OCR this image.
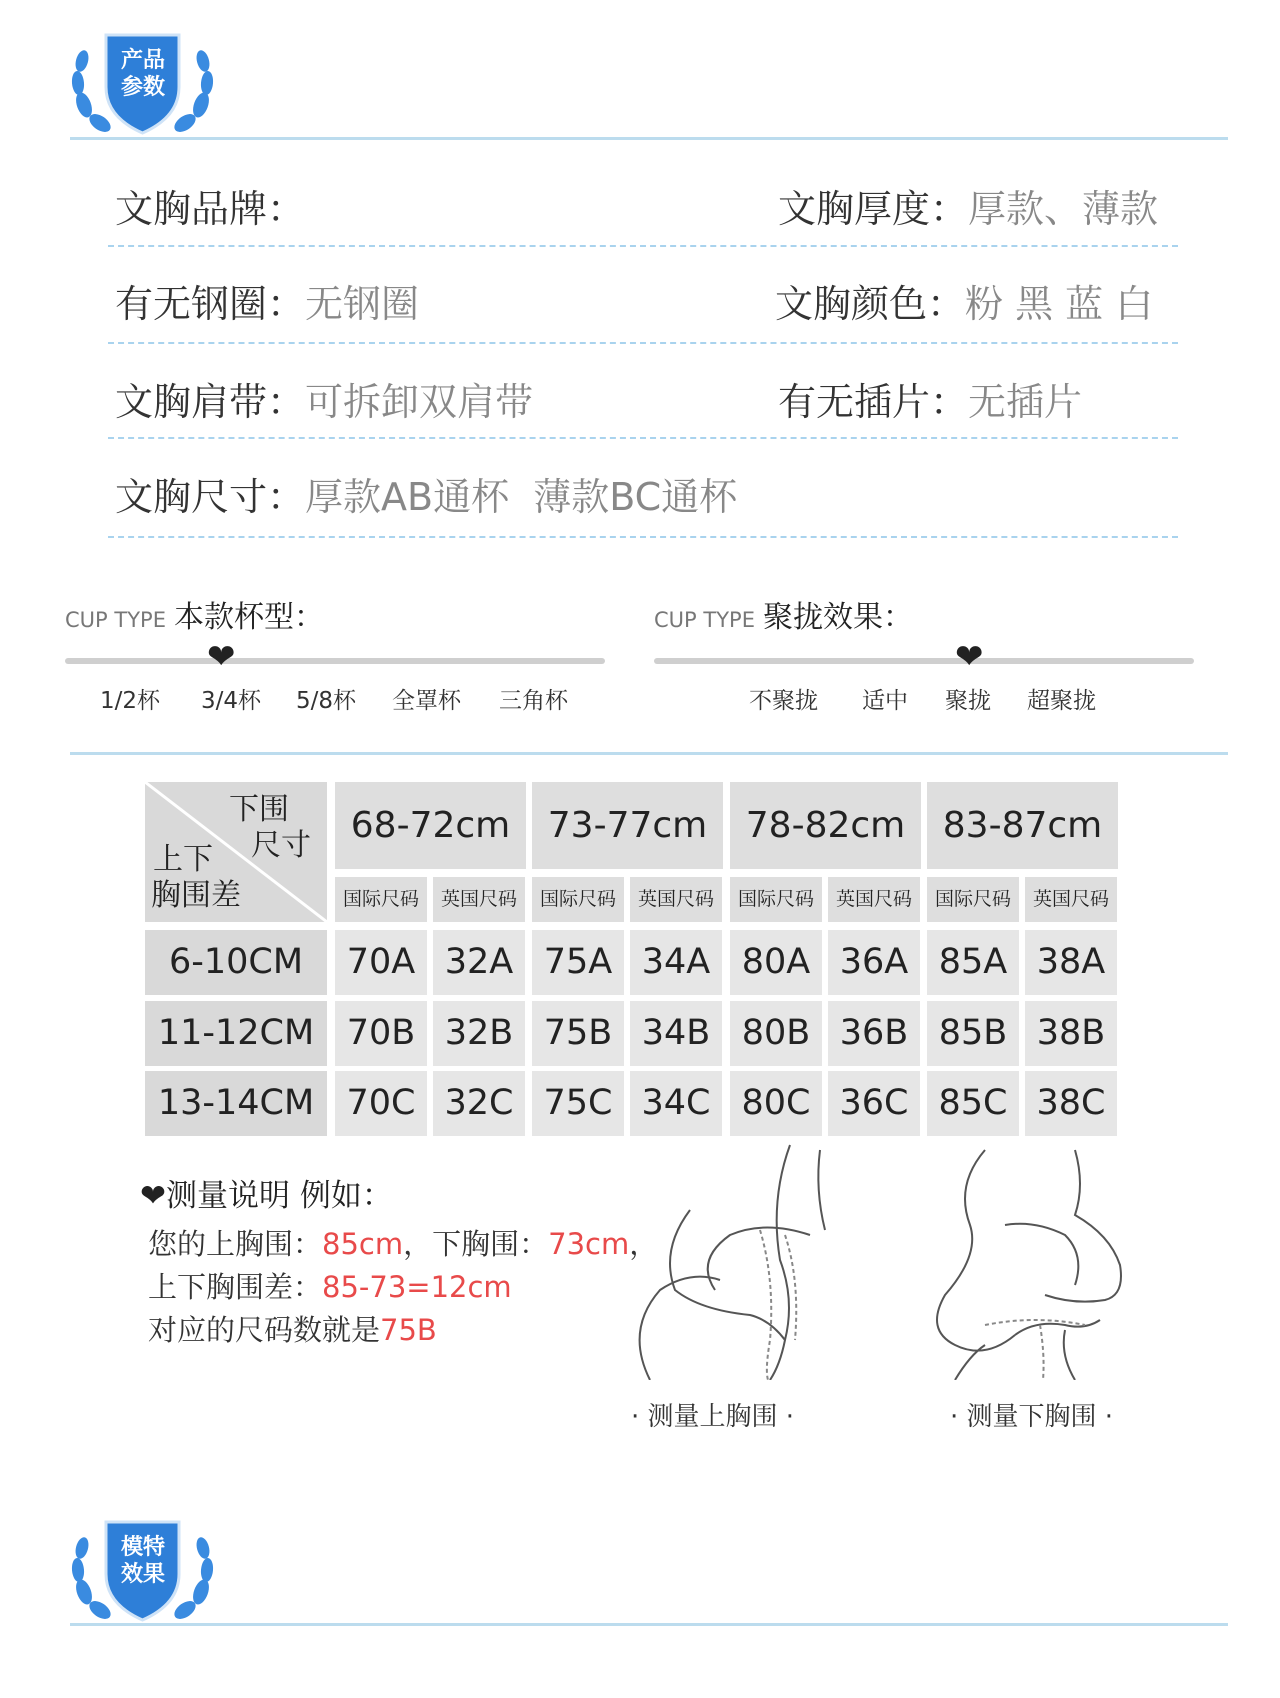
产品
参数
文胸品牌：	文胸厚度：厚款、薄款
有无钢圈：无钢圈	文胸颜色：粉 黑 蓝 白
文胸肩带：可拆卸双肩带	有无插片：无插片
文胸尺寸：厚款AB通杯  薄款BC通杯
CUP TYPE 本款杯型：
❤
1/2杯 3/4杯 5/8杯 全罩杯 三角杯
CUP TYPE 聚拢效果：
❤
不聚拢 适中 聚拢 超聚拢
下围
尺寸
上下
胸围差
68-72cm	73-77cm	78-82cm	83-87cm
国际尺码	英国尺码	国际尺码	英国尺码	国际尺码	英国尺码	国际尺码	英国尺码
6-10CM	70A 32A 75A 34A 80A 36A 85A 38A
11-12CM 70B 32B 75B 34B 80B 36B 85B 38B
13-14CM 70C 32C 75C 34C 80C 36C 85C 38C
❤测量说明 例如：
您的上胸围：85cm，下胸围：73cm，
上下胸围差：85-73=12cm
对应的尺码数就是75B
· 测量上胸围 ·	· 测量下胸围 ·
模特
效果
